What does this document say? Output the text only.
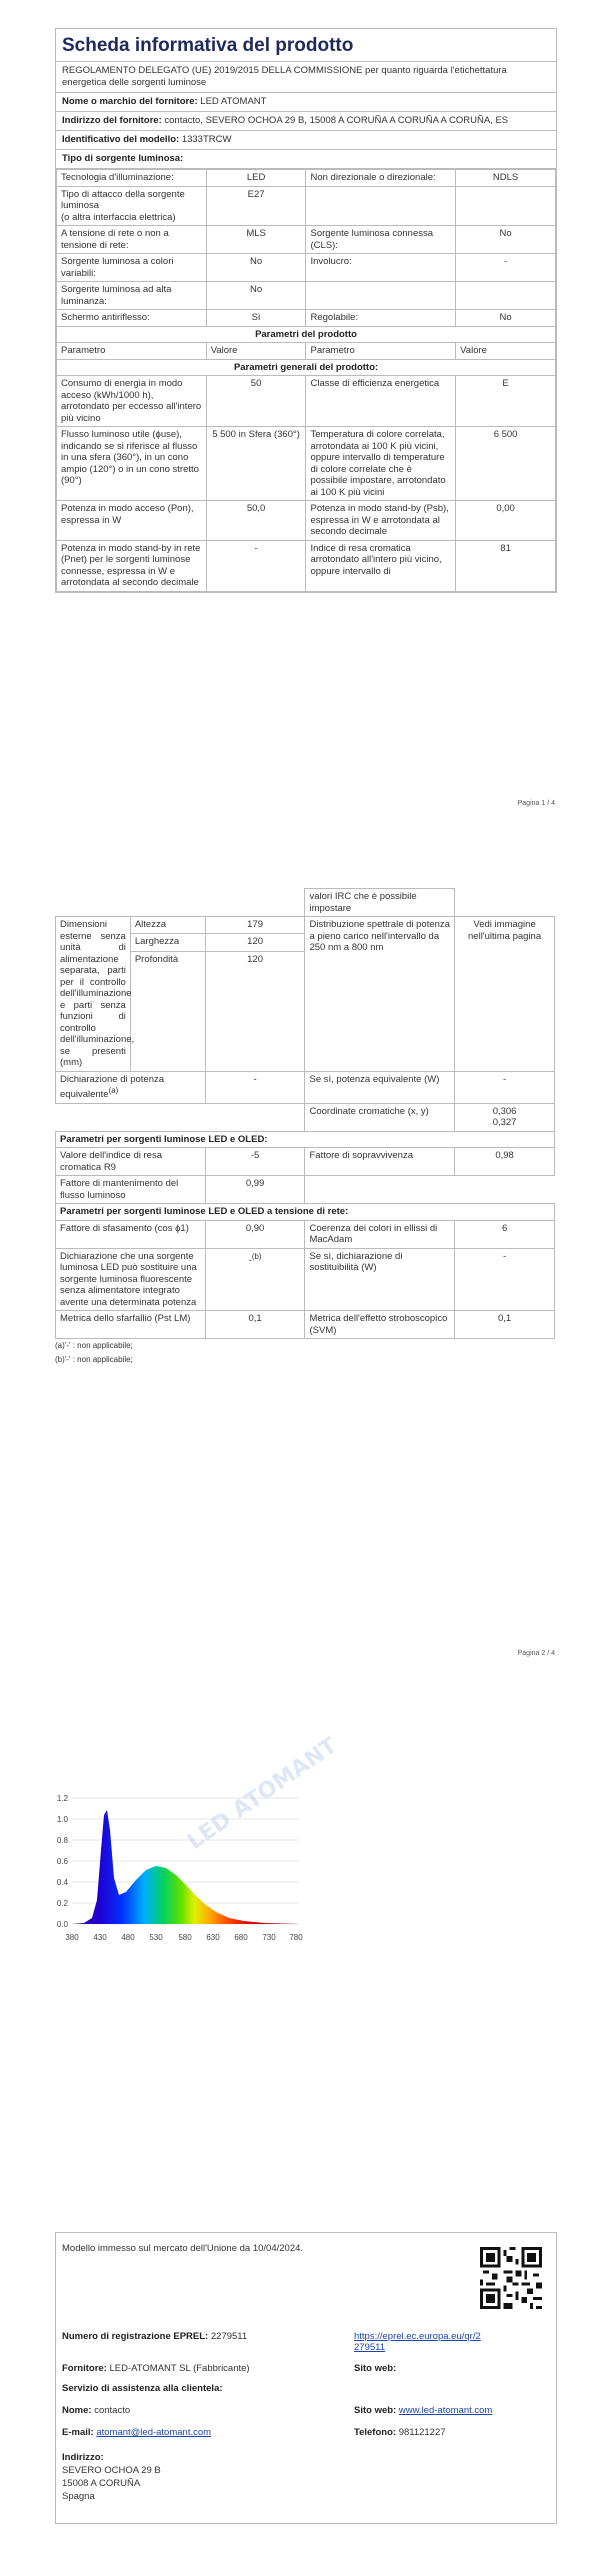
Scheda informativa del prodotto
REGOLAMENTO DELEGATO (UE) 2019/2015 DELLA COMMISSIONE per quanto riguarda l'etichettatura energetica delle sorgenti luminose
Nome o marchio del fornitore: LED ATOMANT
Indirizzo del fornitore: contacto, SEVERO OCHOA 29 B, 15008 A CORUÑA A CORUÑA A CORUÑA, ES
Identificativo del modello: 1333TRCW
Tipo di sorgente luminosa:
Tecnologia d'illuminazione:	LED	Non direzionale o direzionale:	NDLS
Tipo di attacco della sorgente luminosa
(o altra interfaccia elettrica)	E27		
A tensione di rete o non a tensione di rete:	MLS	Sorgente luminosa connessa (CLS):	No
Sorgente luminosa a colori variabili:	No	Involucro:	-
Sorgente luminosa ad alta luminanza:	No		
Schermo antiriflesso:	Sì	Regolabile:	No
Parametri del prodotto			
Parametro	Valore	Parametro	Valore
Parametri generali del prodotto:			
Consumo di energia in modo acceso (kWh/1000 h), arrotondato per eccesso all'intero più vicino	50	Classe di efficienza energetica	E
Flusso luminoso utile (ϕuse), indicando se si riferisce al flusso in una sfera (360°), in un cono ampio (120°) o in un cono stretto (90°)	5 500 in Sfera (360°)	Temperatura di colore correlata, arrotondata ai 100 K più vicini, oppure intervallo di temperature di colore correlate che è possibile impostare, arrotondato ai 100 K più vicini	6 500
Potenza in modo acceso (Pon), espressa in W	50,0	Potenza in modo stand-by (Psb), espressa in W e arrotondata al secondo decimale	0,00
Potenza in modo stand-by in rete (Pnet) per le sorgenti luminose connesse, espressa in W e arrotondata al secondo decimale	-	Indice di resa cromatica arrotondato all'intero più vicino, oppure intervallo di	81
Pagina 1 / 4
			valori IRC che è possibile impostare	
Dimensioni esterne senza unità di alimentazione separata, parti per il controllo dell'illuminazione e parti senza funzioni di controllo dell'illuminazione, se presenti (mm)	Altezza	179	Distribuzione spettrale di potenza a pieno carico nell'intervallo da 250 nm a 800 nm	Vedi immagine nell'ultima pagina
	Larghezza	120		
	Profondità	120		
Dichiarazione di potenza equivalente$^{(a)}$		-	Se sì, potenza equivalente (W)	-
			Coordinate cromatiche (x, y)	0,306
0,327

Parametri per sorgenti luminose LED e OLED:				
Valore dell'indice di resa cromatica R9		-5	Fattore di sopravvivenza	0,98
Fattore di mantenimento del flusso luminoso		0,99		
Parametri per sorgenti luminose LED e OLED a tensione di rete:				
Fattore di sfasamento (cos ϕ1)		0,90	Coerenza dei colori in ellissi di MacAdam	6
Dichiarazione che una sorgente luminosa LED può sostituire una sorgente luminosa fluorescente senza alimentatore integrato avente una determinata potenza		-$^{(b)}$	Se sì, dichiarazione di sostituibilità (W)	-
Metrica dello sfarfallio (Pst LM)		0,1	Metrica dell'effetto stroboscopico (SVM)	0,1
(a)'-' : non applicabile;
(b)'-' : non applicabile;
Pagina 2 / 4
LED ATOMANT
1.2
1.0
0.8
0.6
0.4
0.2
0.0
380 430 480 530 580 630 680 730 780
Modello immesso sul mercato dell'Unione da 10/04/2024.
Numero di registrazione EPREL: 2279511	https://eprel.ec.europa.eu/qr/2279511
Fornitore: LED-ATOMANT SL (Fabbricante)	Sito web:
Servizio di assistenza alla clientela:
Nome: contacto	Sito web: www.led-atomant.com
E-mail: atomant@led-atomant.com	Telefono: 981121227
Indirizzo:
SEVERO OCHOA 29 B
15008 A CORUÑA
Spagna
